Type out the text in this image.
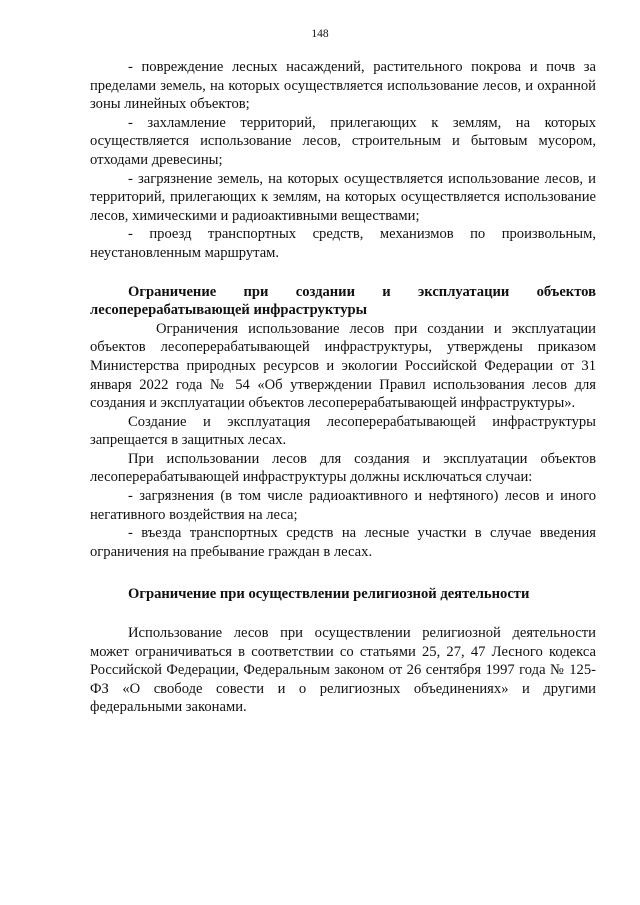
148

- повреждение лесных насаждений, растительного покрова и почв за пределами земель, на которых осуществляется использование лесов, и охранной зоны линейных объектов;

- захламление территорий, прилегающих к землям, на которых осуществляется использование лесов, строительным и бытовым мусором, отходами древесины;

- загрязнение земель, на которых осуществляется использование лесов, и территорий, прилегающих к землям, на которых осуществляется использование лесов, химическими и радиоактивными веществами;

- проезд транспортных средств, механизмов по произвольным, неустановленным маршрутам.

Ограничение при создании и эксплуатации объектов лесоперерабатывающей инфраструктуры

Ограничения использование лесов при создании и эксплуатации объектов лесоперерабатывающей инфраструктуры, утверждены приказом Министерства природных ресурсов и экологии Российской Федерации от 31 января 2022 года № 54 «Об утверждении Правил использования лесов для создания и эксплуатации объектов лесоперерабатывающей инфраструктуры».

Создание и эксплуатация лесоперерабатывающей инфраструктуры запрещается в защитных лесах.

При использовании лесов для создания и эксплуатации объектов лесоперерабатывающей инфраструктуры должны исключаться случаи:

- загрязнения (в том числе радиоактивного и нефтяного) лесов и иного негативного воздействия на леса;

- въезда транспортных средств на лесные участки в случае введения ограничения на пребывание граждан в лесах.

Ограничение при осуществлении религиозной деятельности

Использование лесов при осуществлении религиозной деятельности может ограничиваться в соответствии со статьями 25, 27, 47 Лесного кодекса Российской Федерации, Федеральным законом от 26 сентября 1997 года № 125-ФЗ «О свободе совести и о религиозных объединениях» и другими федеральными законами.
